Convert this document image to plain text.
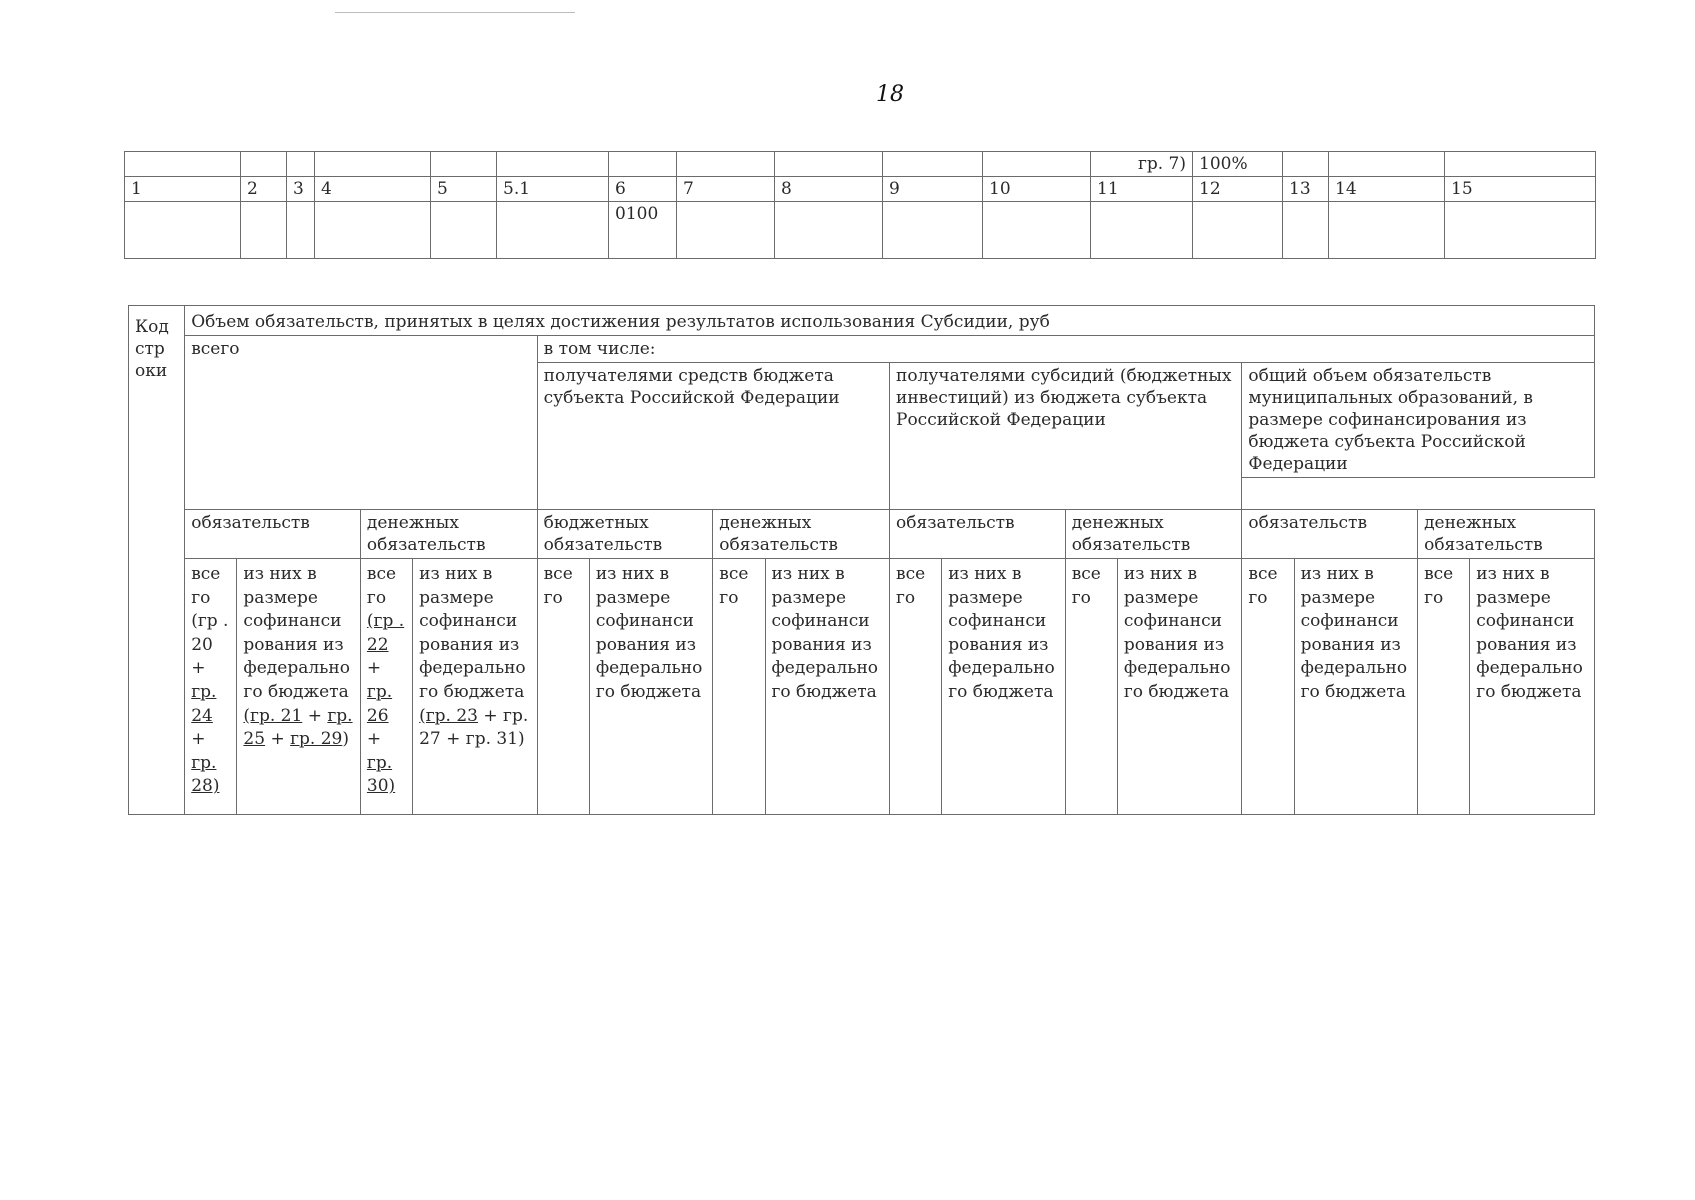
18
											гр. 7)	100%			
1	2	3	4	5	5.1	6	7	8	9	10	11	12	13	14	15
						0100									
Код стр оки	Объем обязательств, принятых в целях достижения результатов использования Субсидии, руб															
	всего				в том числе:											
					получателями средств бюджета субъекта Российской Федерации				получателями субсидий (бюджетных инвестиций) из бюджета субъекта Российской Федерации				общий объем обязательств муниципальных образований, в размере софинансирования из бюджета субъекта Российской Федерации			

	обязательств		денежных обязательств		бюджетных обязательств		денежных обязательств		обязательств		денежных обязательств		обязательств		денежных обязательств	
	все го (гр . 20 + гр. 24 + гр. 28)	из них в размере софинанси рования из федерально го бюджета (гр. 21 + гр. 25 + гр. 29)	все го (гр . 22 + гр. 26 + гр. 30)	из них в размере софинанси рования из федерально го бюджета (гр. 23 + гр. 27 + гр. 31)	все го	из них в размере софинанси рования из федерально го бюджета	все го	из них в размере софинанси рования из федерально го бюджета	все го	из них в размере софинанси рования из федерально го бюджета	все го	из них в размере софинанси рования из федерально го бюджета	все го	из них в размере софинанси рования из федерально го бюджета	все го	из них в размере софинанси рования из федерально го бюджета
